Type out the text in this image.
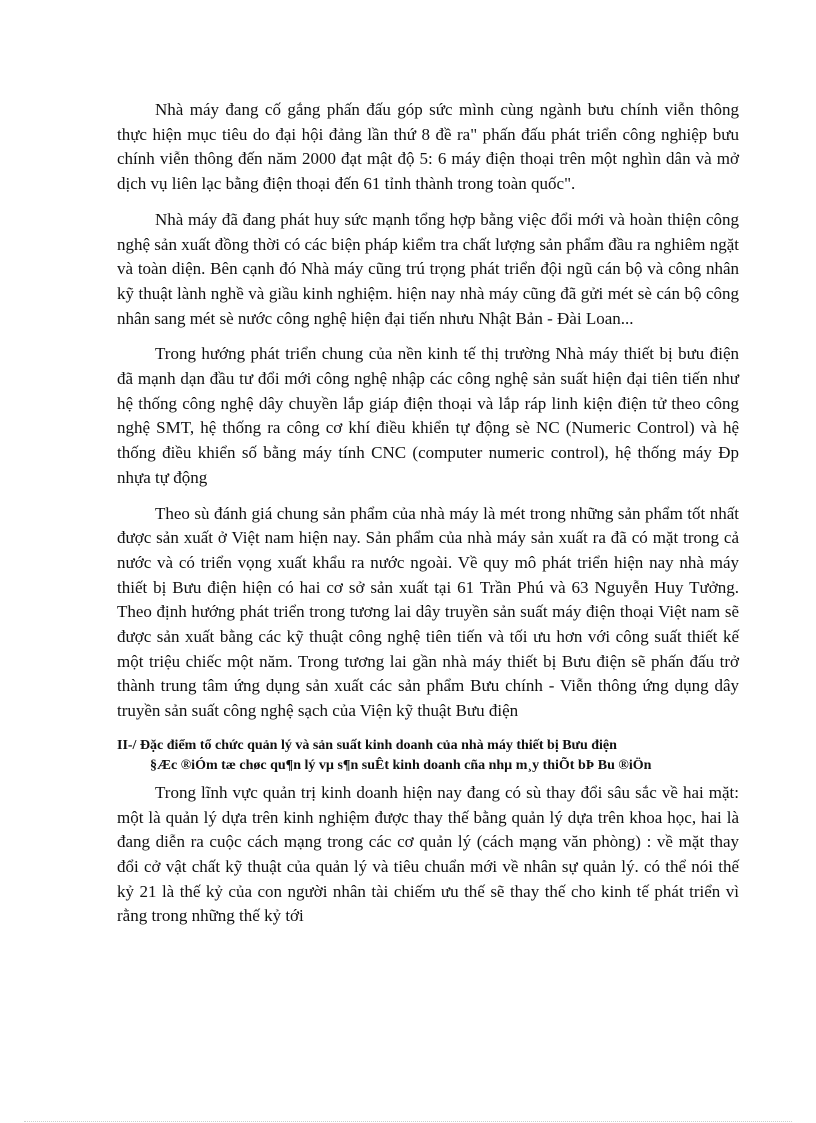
Nhà máy đang cố gắng phấn đấu góp sức mình cùng ngành bưu chính viễn thông thực hiện mục tiêu do đại hội đảng lần thứ 8 đề ra" phấn đấu phát triển công nghiệp bưu chính viễn thông đến năm 2000 đạt mật độ 5: 6 máy điện thoại trên một nghìn dân và mở dịch vụ liên lạc bằng điện thoại đến 61 tỉnh thành trong toàn quốc".

Nhà máy đã đang phát huy sức mạnh tổng hợp bằng việc đổi mới và hoàn thiện công nghệ sản xuất đồng thời có các biện pháp kiểm tra chất lượng sản phẩm đầu ra nghiêm ngặt và toàn diện. Bên cạnh đó Nhà máy cũng trú trọng phát triển đội ngũ cán bộ và công nhân kỹ thuật lành nghề và giầu kinh nghiệm. hiện nay nhà máy cũng đã gửi mét sè cán bộ công nhân sang mét sè nước công nghệ hiện đại tiến nhưu Nhật Bản - Đài Loan...

Trong hướng phát triển chung của nền kinh tế thị trường Nhà máy thiết bị bưu điện đã mạnh dạn đầu tư đổi mới công nghệ nhập các công nghệ sản suất hiện đại tiên tiến như hệ thống công nghệ dây chuyền lắp giáp điện thoại và lắp ráp linh kiện điện tử theo công nghệ SMT, hệ thống ra công cơ khí điều khiển tự động sè NC (Numeric Control) và hệ thống điều khiển số bằng máy tính CNC (computer numeric control), hệ thống máy Đp nhựa tự động

Theo sù đánh giá chung sản phẩm của nhà máy là mét trong những sản phẩm tốt nhất được sản xuất ở Việt nam hiện nay. Sản phẩm của nhà máy sản xuất ra đã có mặt trong cả nước và có triển vọng xuất khẩu ra nước ngoài. Về quy mô phát triển hiện nay nhà máy thiết bị Bưu điện hiện có hai cơ sở sản xuất tại 61 Trần Phú và 63 Nguyễn Huy Tưởng. Theo định hướng phát triển trong tương lai dây truyền sản suất máy điện thoại Việt nam sẽ được sản xuất bằng các kỹ thuật công nghệ tiên tiến và tối ưu hơn với công suất thiết kế một triệu chiếc một năm. Trong tương lai gần nhà máy thiết bị Bưu điện sẽ phấn đấu trở thành trung tâm ứng dụng sản xuất các sản phẩm Bưu chính - Viễn thông ứng dụng dây truyền sản suất công nghệ sạch của Viện kỹ thuật Bưu điện

II-/ Đặc điểm tổ chức quản lý và sản suất kinh doanh của nhà máy thiết bị Bưu điện
§Æc ®iÓm tæ chøc qu¶n lý vµ s¶n suÊt kinh doanh cña nhµ m¸y thiÕt bÞ Bu ®iÖn

Trong lĩnh vực quản trị kinh doanh hiện nay đang có sù thay đổi sâu sắc về hai mặt: một là quản lý dựa trên kinh nghiệm được thay thế bằng quản lý dựa trên khoa học, hai là đang diễn ra cuộc cách mạng trong các cơ quản lý (cách mạng văn phòng) : về mặt thay đổi cở vật chất kỹ thuật của quản lý và tiêu chuẩn mới về nhân sự quản lý. có thể nói thế kỷ 21 là thế kỷ của con người nhân tài chiếm ưu thế sẽ thay thế cho kinh tế phát triển vì rằng trong những thế kỷ tới
